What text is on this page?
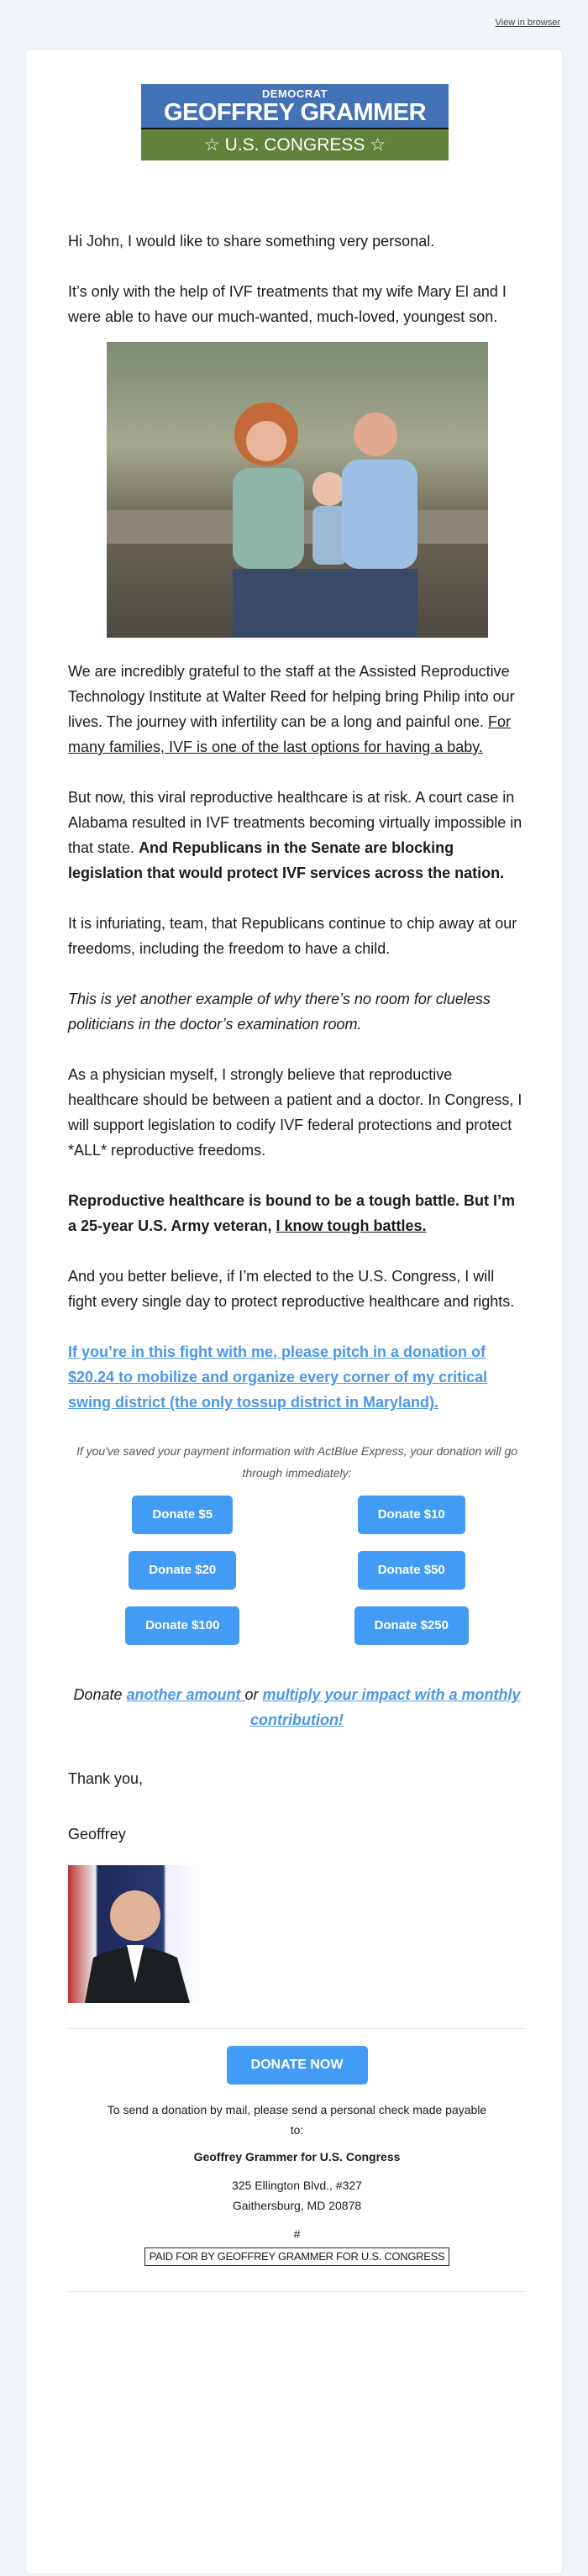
View in browser
DEMOCRAT
GEOFFREY GRAMMER
☆ U.S. CONGRESS ☆

Hi John, I would like to share something very personal.

It’s only with the help of IVF treatments that my wife Mary El and I were able to have our much-wanted, much-loved, youngest son.

We are incredibly grateful to the staff at the Assisted Reproductive Technology Institute at Walter Reed for helping bring Philip into our lives. The journey with infertility can be a long and painful one. For many families, IVF is one of the last options for having a baby.

But now, this viral reproductive healthcare is at risk. A court case in Alabama resulted in IVF treatments becoming virtually impossible in that state. And Republicans in the Senate are blocking legislation that would protect IVF services across the nation.

It is infuriating, team, that Republicans continue to chip away at our freedoms, including the freedom to have a child.

This is yet another example of why there’s no room for clueless politicians in the doctor’s examination room.

As a physician myself, I strongly believe that reproductive healthcare should be between a patient and a doctor. In Congress, I will support legislation to codify IVF federal protections and protect *ALL* reproductive freedoms.

Reproductive healthcare is bound to be a tough battle. But I’m a 25-year U.S. Army veteran, I know tough battles.

And you better believe, if I’m elected to the U.S. Congress, I will fight every single day to protect reproductive healthcare and rights.

If you’re in this fight with me, please pitch in a donation of $20.24 to mobilize and organize every corner of my critical swing district (the only tossup district in Maryland).

If you've saved your payment information with ActBlue Express, your donation will go through immediately:

Donate $5	Donate $10
Donate $20	Donate $50
Donate $100	Donate $250

Donate another amount or multiply your impact with a monthly contribution!

Thank you,

Geoffrey

DONATE NOW
To send a donation by mail, please send a personal check made payable to:
Geoffrey Grammer for U.S. Congress
325 Ellington Blvd., #327
Gaithersburg, MD 20878
#
PAID FOR BY GEOFFREY GRAMMER FOR U.S. CONGRESS
